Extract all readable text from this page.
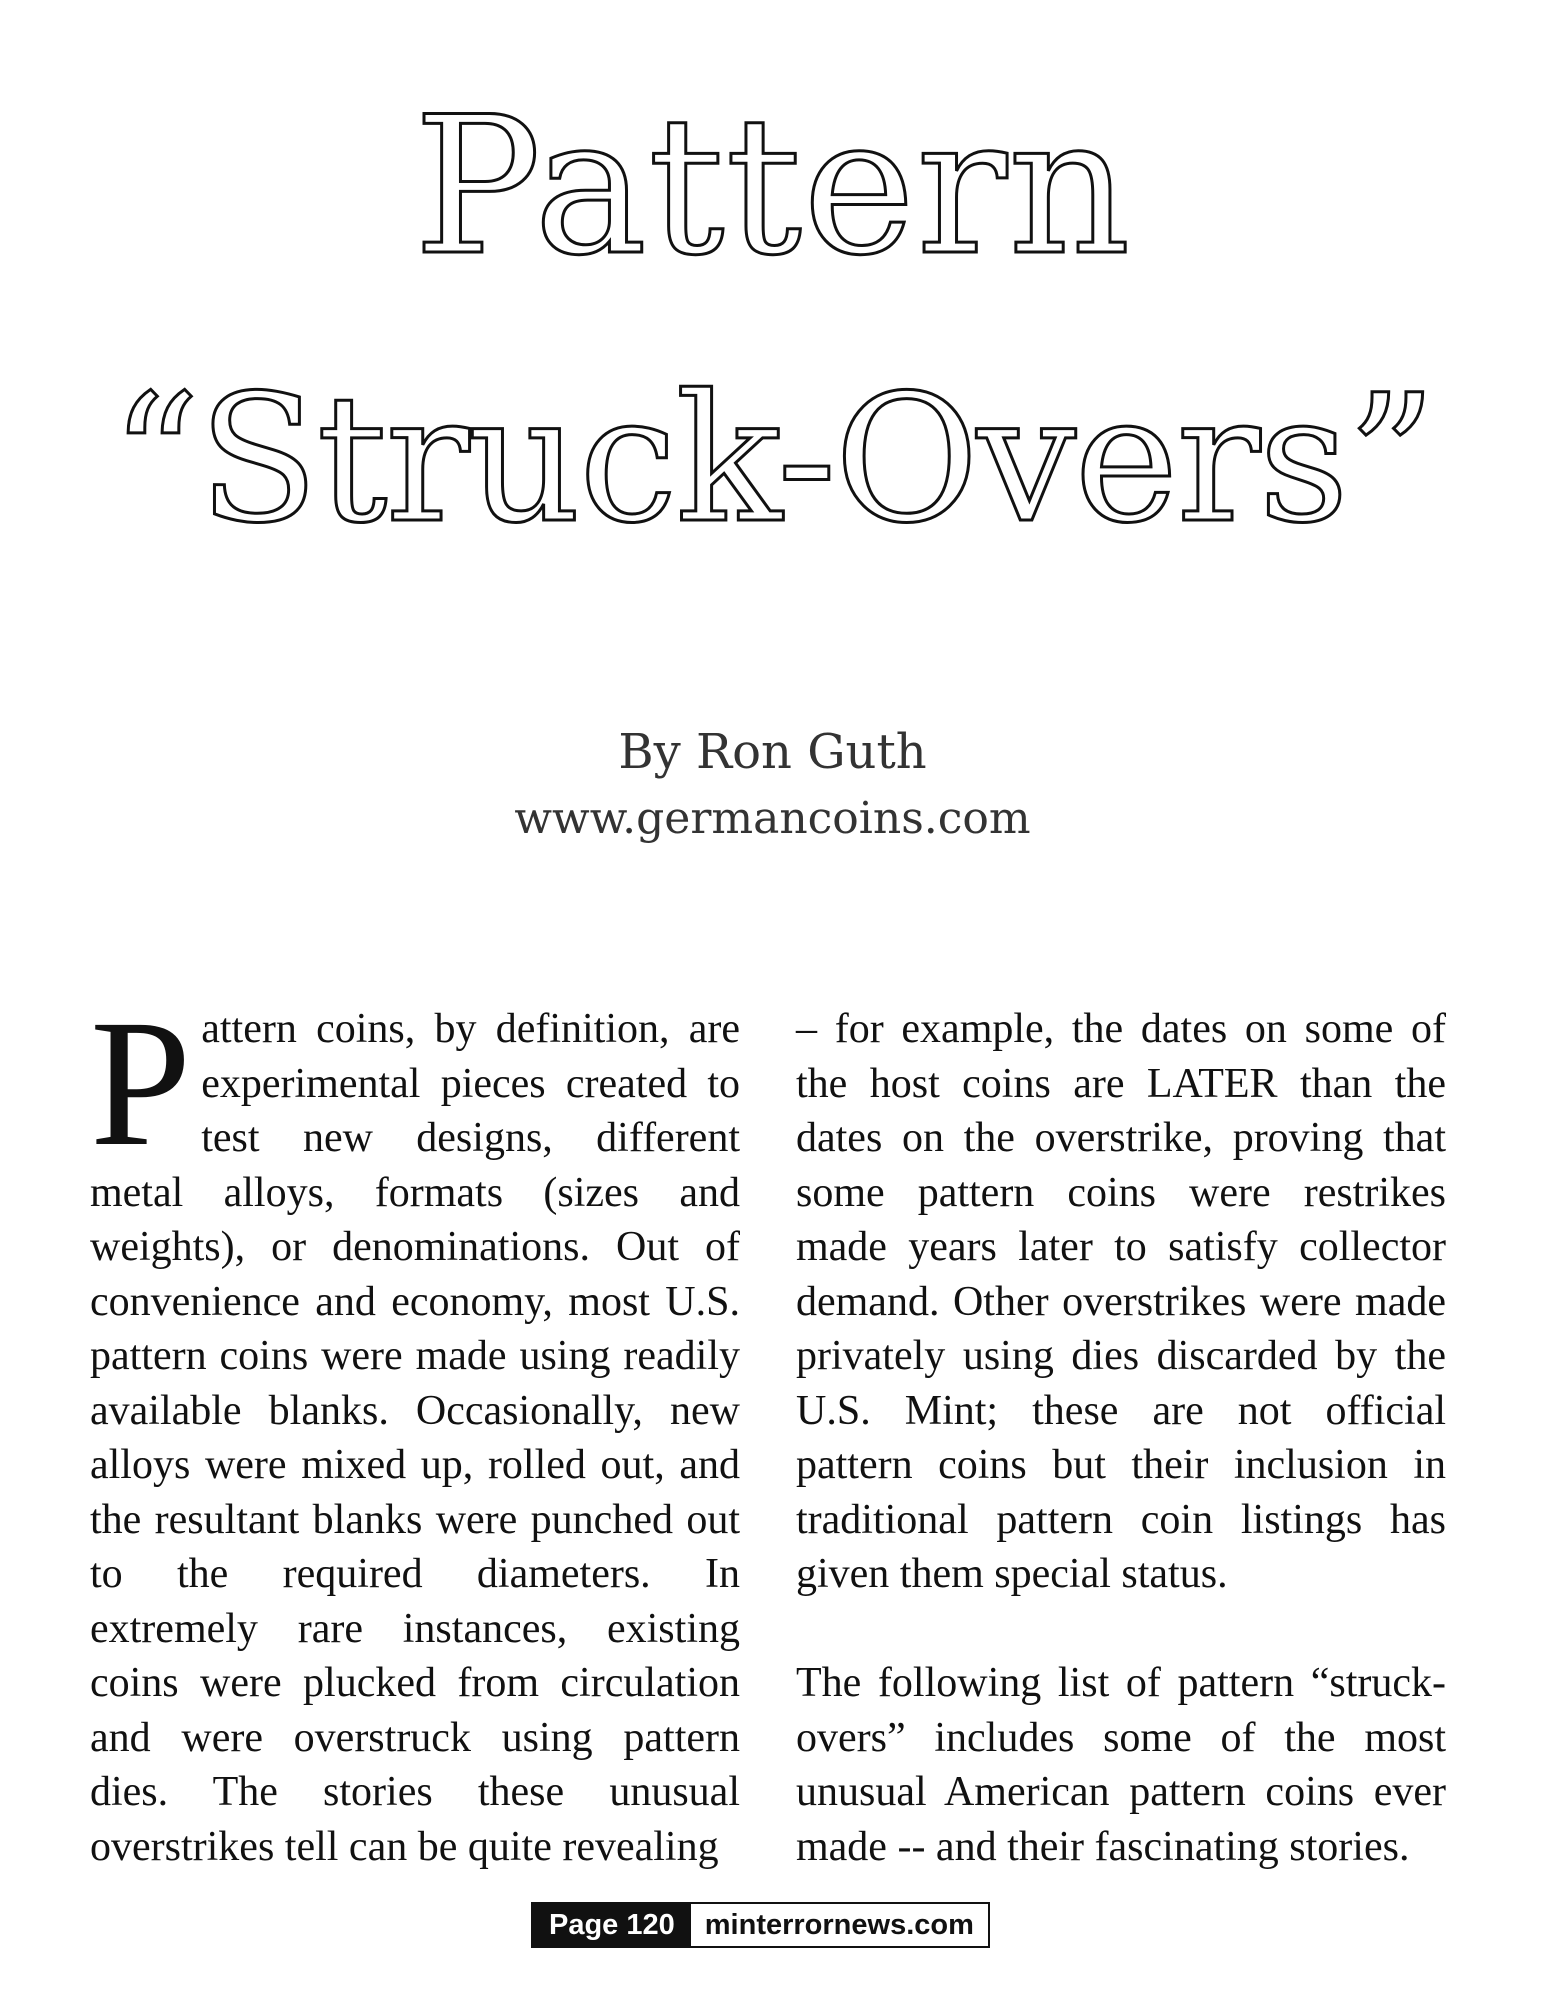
Pattern
“Struck-Overs”
By Ron Guth
www.germancoins.com

Pattern coins, by definition, are experimental pieces created to test new designs, different metal alloys, formats (sizes and weights), or denominations. Out of convenience and economy, most U.S. pattern coins were made using readily available blanks. Occasionally, new alloys were mixed up, rolled out, and the resultant blanks were punched out to the required diameters. In extremely rare instances, existing coins were plucked from circulation and were overstruck using pattern dies. The stories these unusual overstrikes tell can be quite revealing

– for example, the dates on some of the host coins are LATER than the dates on the overstrike, proving that some pattern coins were restrikes made years later to satisfy collector demand. Other overstrikes were made privately using dies discarded by the U.S. Mint; these are not official pattern coins but their inclusion in traditional pattern coin listings has given them special status.

The following list of pattern “struck-overs” includes some of the most unusual American pattern coins ever made -- and their fascinating stories.

Page 120	minterrornews.com
